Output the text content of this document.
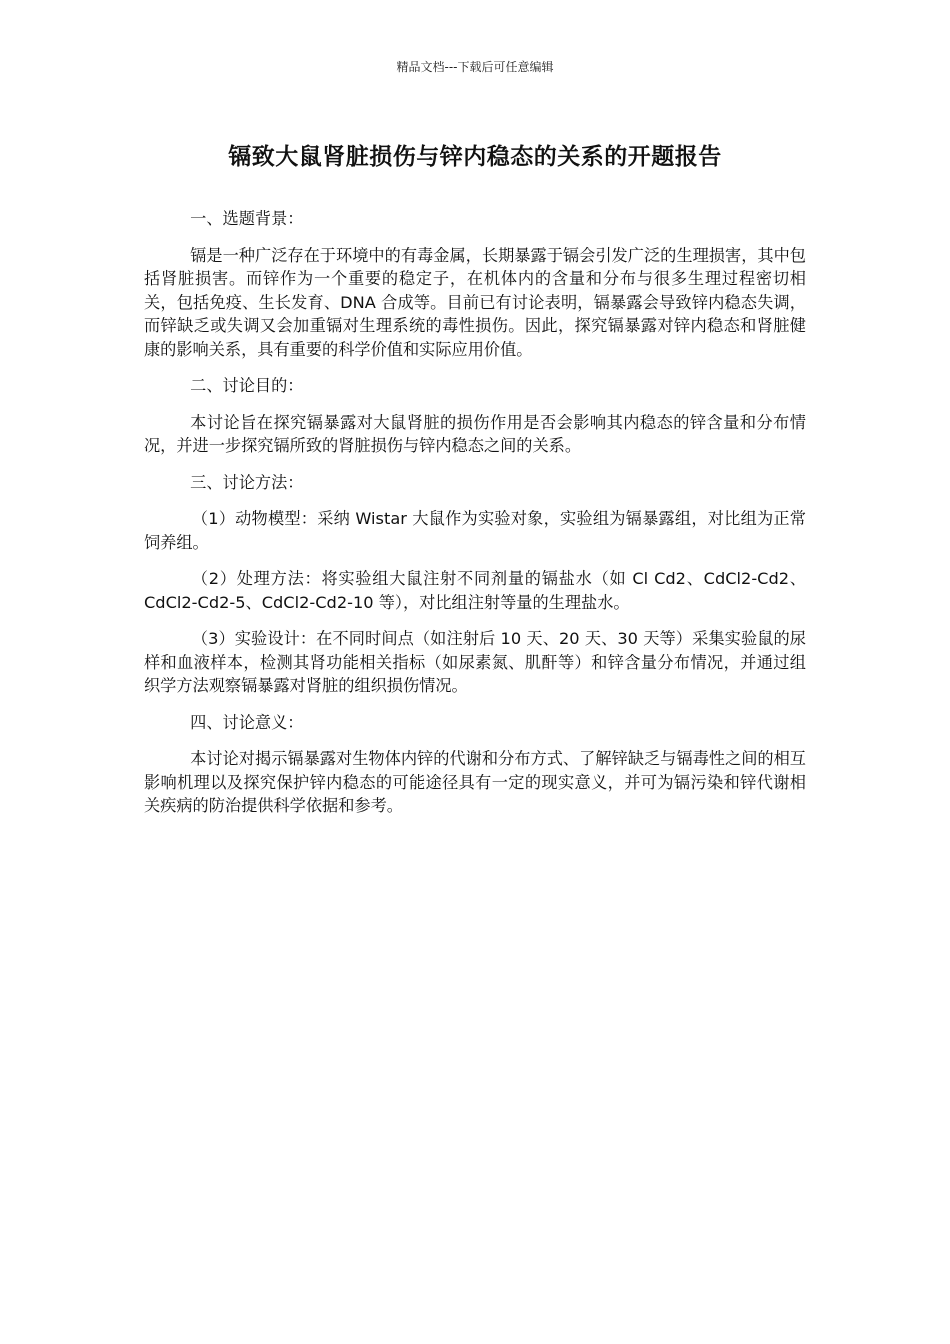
精品文档---下载后可任意编辑
镉致大鼠肾脏损伤与锌内稳态的关系的开题报告
一、选题背景：
镉是一种广泛存在于环境中的有毒金属，长期暴露于镉会引发广泛的生理损害，其中包括肾脏损害。而锌作为一个重要的稳定子，在机体内的含量和分布与很多生理过程密切相关，包括免疫、生长发育、DNA 合成等。目前已有讨论表明，镉暴露会导致锌内稳态失调，而锌缺乏或失调又会加重镉对生理系统的毒性损伤。因此，探究镉暴露对锌内稳态和肾脏健康的影响关系，具有重要的科学价值和实际应用价值。
二、讨论目的：
本讨论旨在探究镉暴露对大鼠肾脏的损伤作用是否会影响其内稳态的锌含量和分布情况，并进一步探究镉所致的肾脏损伤与锌内稳态之间的关系。
三、讨论方法：
（1）动物模型：采纳 Wistar 大鼠作为实验对象，实验组为镉暴露组，对比组为正常饲养组。
（2）处理方法：将实验组大鼠注射不同剂量的镉盐水（如 Cl Cd2、CdCl2-Cd2、CdCl2-Cd2-5、CdCl2-Cd2-10 等），对比组注射等量的生理盐水。
（3）实验设计：在不同时间点（如注射后 10 天、20 天、30 天等）采集实验鼠的尿样和血液样本，检测其肾功能相关指标（如尿素氮、肌酐等）和锌含量分布情况，并通过组织学方法观察镉暴露对肾脏的组织损伤情况。
四、讨论意义：
本讨论对揭示镉暴露对生物体内锌的代谢和分布方式、了解锌缺乏与镉毒性之间的相互影响机理以及探究保护锌内稳态的可能途径具有一定的现实意义，并可为镉污染和锌代谢相关疾病的防治提供科学依据和参考。
